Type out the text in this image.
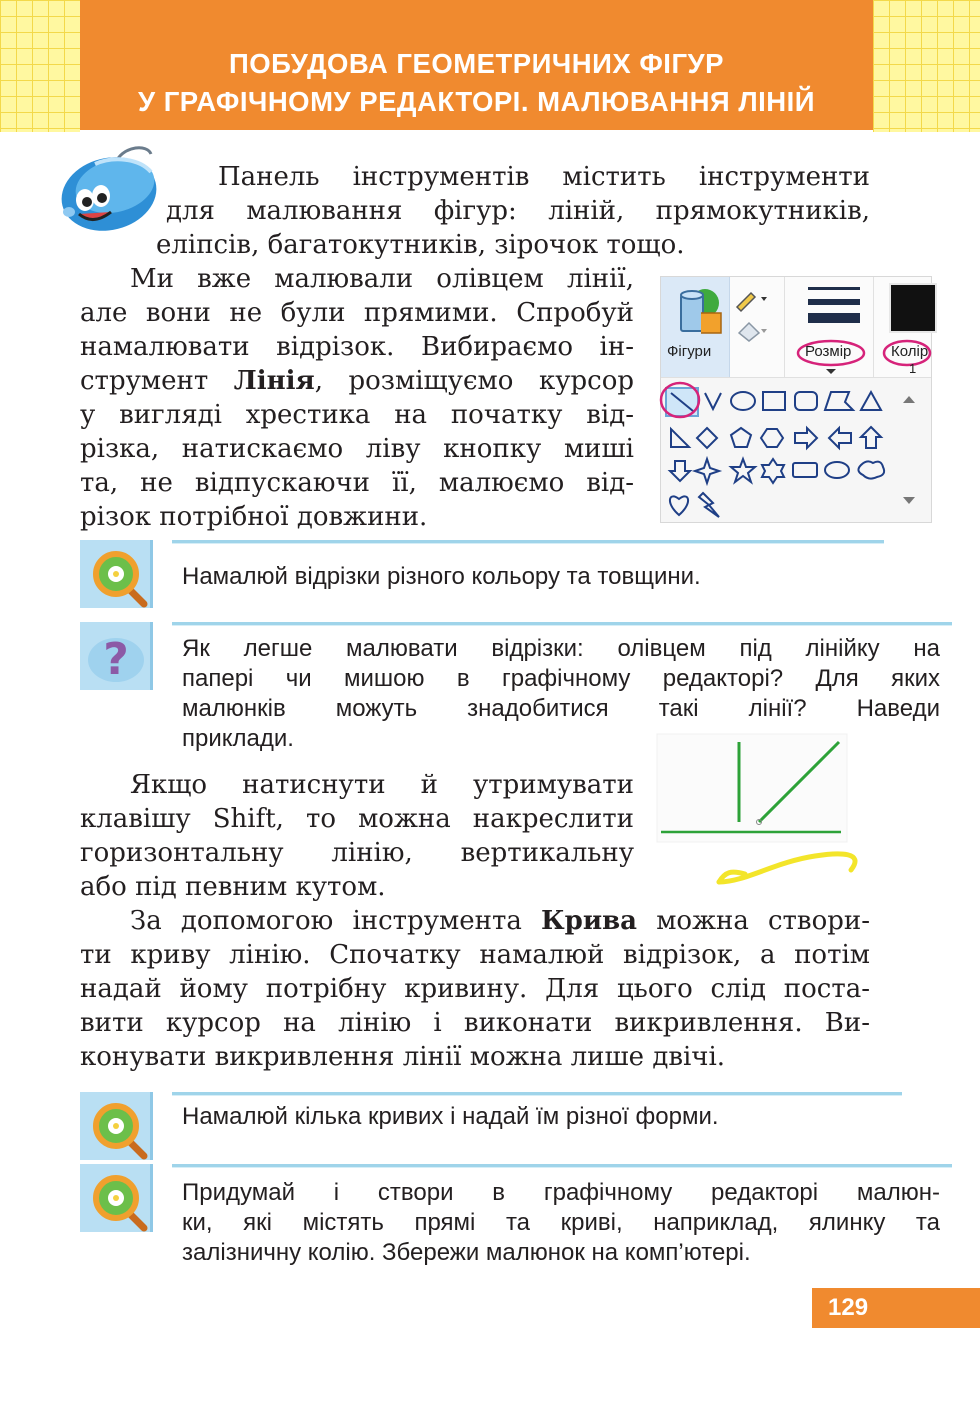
ПОБУДОВА ГЕОМЕТРИЧНИХ ФІГУР
У ГРАФІЧНОМУ РЕДАКТОРІ. МАЛЮВАННЯ ЛІНІЙ

Панель інструментів містить інструменти

для малювання фігур: ліній, прямокутників,

еліпсів, багатокутників, зірочок тощо.

Ми вже малювали олівцем лінії,

але вони не були прямими. Спробуй

намалювати відрізок. Вибираємо ін-

струмент Лінія, розміщуємо курсор

у вигляді хрестика на початку від-

різка, натискаємо ліву кнопку миші

та, не відпускаючи її, малюємо від-

різок потрібної довжини.

Фігури	Розмір	Колір
1

Намалюй відрізки різного кольору та товщини.

? Як легше малювати відрізки: олівцем під лінійку на

папері чи мишою в графічному редакторі? Для яких

малюнків можуть знадобитися такі лінії? Наведи

приклади.

Якщо натиснути й утримувати

клавішу Shift, то можна накреслити

горизонтальну лінію, вертикальну

або під певним кутом.

За допомогою інструмента Крива можна створи-

ти криву лінію. Спочатку намалюй відрізок, а потім

надай йому потрібну кривину. Для цього слід поста-

вити курсор на лінію і виконати викривлення. Ви-

конувати викривлення лінії можна лише двічі.

Намалюй кілька кривих і надай їм різної форми.

Придумай і створи в графічному редакторі малюн-

ки, які містять прямі та криві, наприклад, ялинку та

залізничну колію. Збережи малюнок на комп’ютері.

129
